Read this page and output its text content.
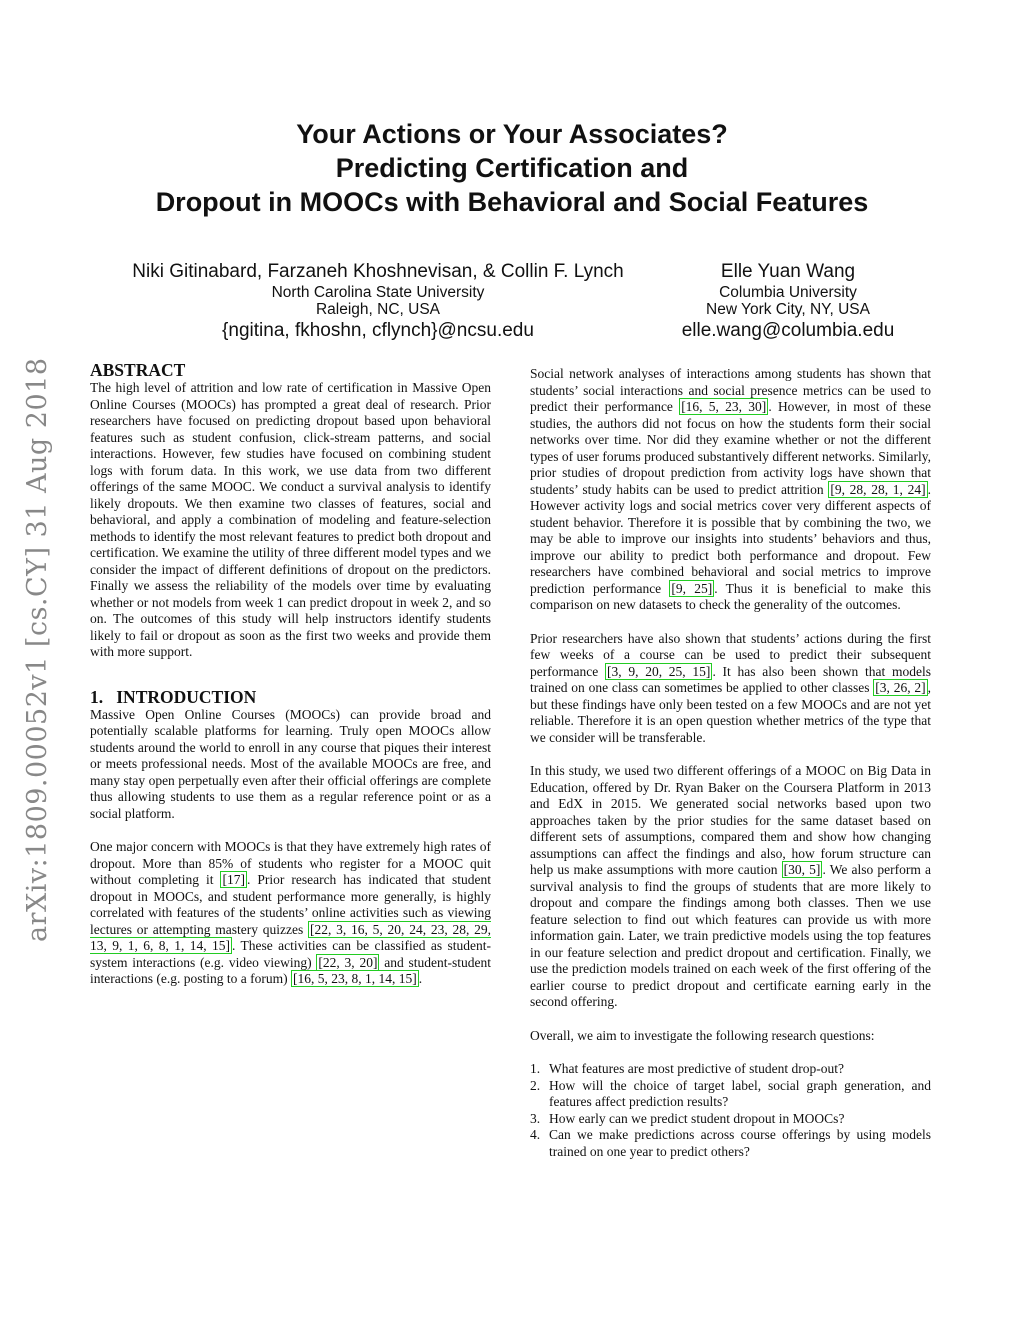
Your Actions or Your Associates?
Predicting Certification and
Dropout in MOOCs with Behavioral and Social Features
Niki Gitinabard, Farzaneh Khoshnevisan, & Collin F. Lynch
North Carolina State University
Raleigh, NC, USA
{ngitina, fkhoshn, cflynch}@ncsu.edu
Elle Yuan Wang
Columbia University
New York City, NY, USA
elle.wang@columbia.edu
arXiv:1809.00052v1 [cs.CY] 31 Aug 2018 ABSTRACT

The high level of attrition and low rate of certification in Massive Open Online Courses (MOOCs) has prompted a great deal of research. Prior researchers have focused on predicting dropout based upon behavioral features such as student confusion, click-stream patterns, and social interactions. However, few studies have focused on combining student logs with forum data. In this work, we use data from two different offerings of the same MOOC. We conduct a survival analysis to identify likely dropouts. We then examine two classes of features, social and behavioral, and apply a combination of modeling and feature-selection methods to identify the most relevant features to predict both dropout and certification. We examine the utility of three different model types and we consider the impact of different definitions of dropout on the predictors. Finally we assess the reliability of the models over time by evaluating whether or not models from week 1 can predict dropout in week 2, and so on. The outcomes of this study will help instructors identify students likely to fail or dropout as soon as the first two weeks and provide them with more support.

1.   INTRODUCTION

Massive Open Online Courses (MOOCs) can provide broad and potentially scalable platforms for learning. Truly open MOOCs allow students around the world to enroll in any course that piques their interest or meets professional needs. Most of the available MOOCs are free, and many stay open perpetually even after their official offerings are complete thus allowing students to use them as a regular reference point or as a social platform.

One major concern with MOOCs is that they have extremely high rates of dropout. More than 85% of students who register for a MOOC quit without completing it [17] . Prior research has indicated that student dropout in MOOCs, and student performance more generally, is highly correlated with features of the students’ online activities such as viewing lectures or attempting mastery quizzes [22, 3, 16, 5, 20, 24, 23, 28, 29, 13, 9, 1, 6, 8, 1, 14, 15] . These activities can be classified as student-system interactions (e.g. video viewing) [22, 3, 20] and student-student interactions (e.g. posting to a forum) [16, 5, 23, 8, 1, 14, 15] .

Social network analyses of interactions among students has shown that students’ social interactions and social presence metrics can be used to predict their performance [16, 5, 23, 30] . However, in most of these studies, the authors did not focus on how the students form their social networks over time. Nor did they examine whether or not the different types of user forums produced substantively different networks. Similarly, prior studies of dropout prediction from activity logs have shown that students’ study habits can be used to predict attrition [9, 28, 28, 1, 24] . However activity logs and social metrics cover very different aspects of student behavior. Therefore it is possible that by combining the two, we may be able to improve our insights into students’ behaviors and thus, improve our ability to predict both performance and dropout. Few researchers have combined behavioral and social metrics to improve prediction performance [9, 25] . Thus it is beneficial to make this comparison on new datasets to check the generality of the outcomes.

Prior researchers have also shown that students’ actions during the first few weeks of a course can be used to predict their subsequent performance [3, 9, 20, 25, 15] . It has also been shown that models trained on one class can sometimes be applied to other classes [3, 26, 2] , but these findings have only been tested on a few MOOCs and are not yet reliable. Therefore it is an open question whether metrics of the type that we consider will be transferable.

In this study, we used two different offerings of a MOOC on Big Data in Education, offered by Dr. Ryan Baker on the Coursera Platform in 2013 and EdX in 2015. We generated social networks based upon two approaches taken by the prior studies for the same dataset based on different sets of assumptions, compared them and show how changing assumptions can affect the findings and also, how forum structure can help us make assumptions with more caution [30, 5] . We also perform a survival analysis to find the groups of students that are more likely to dropout and compare the findings among both classes. Then we use feature selection to find out which features can provide us with more information gain. Later, we train predictive models using the top features in our feature selection and predict dropout and certification. Finally, we use the prediction models trained on each week of the first offering of the earlier course to predict dropout and certificate earning early in the second offering.

Overall, we aim to investigate the following research questions:

1. What features are most predictive of student drop-out?
2. How will the choice of target label, social graph generation, and features affect prediction results?
3. How early can we predict student dropout in MOOCs?
4. Can we make predictions across course offerings by using models trained on one year to predict others?
